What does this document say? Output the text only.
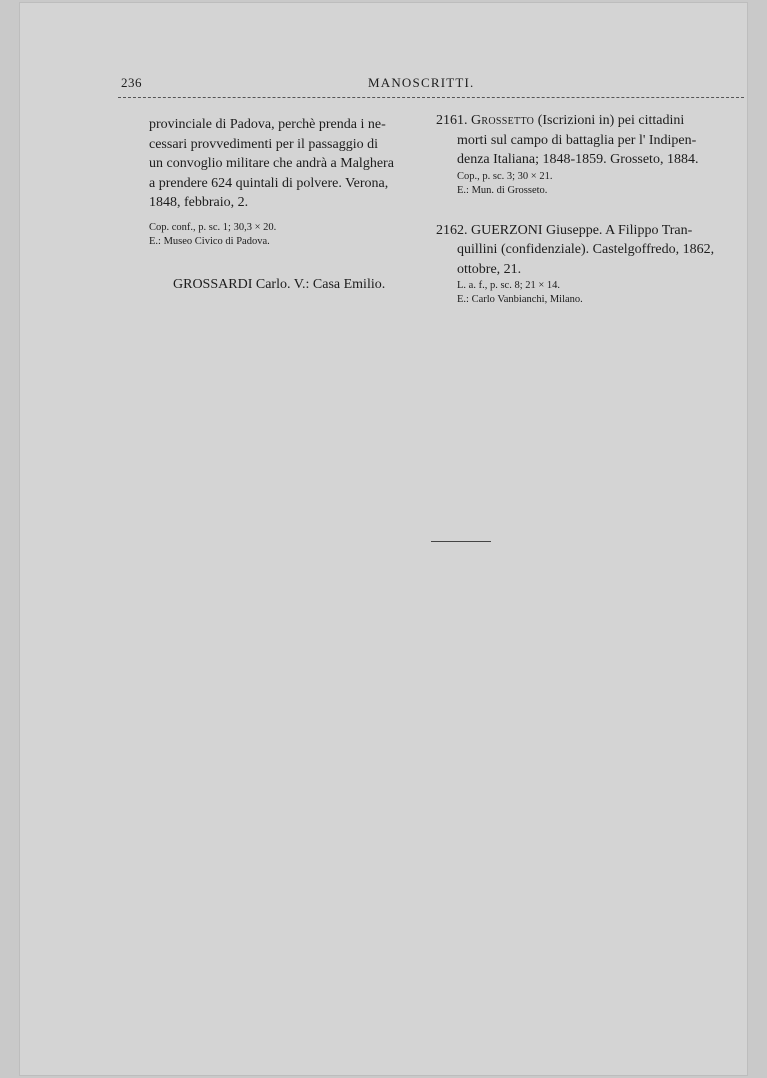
236	MANOSCRITTI.
provinciale di Padova, perchè prenda i ne-
cessari provvedimenti per il passaggio di
un convoglio militare che andrà a Malghera
a prendere 624 quintali di polvere. Verona,
1848, febbraio, 2.

Cop. conf., p. sc. 1; 30,3 × 20.

E.: Museo Civico di Padova.

GROSSARDI Carlo. V.: Casa Emilio.
2161. Grossetto (Iscrizioni in) pei cittadini
morti sul campo di battaglia per l' Indipen-
denza Italiana; 1848-1859. Grosseto, 1884.

Cop., p. sc. 3; 30 × 21.

E.: Mun. di Grosseto.

2162. GUERZONI Giuseppe. A Filippo Tran-
quillini (confidenziale). Castelgoffredo, 1862,
ottobre, 21.

L. a. f., p. sc. 8; 21 × 14.

E.: Carlo Vanbianchi, Milano.
